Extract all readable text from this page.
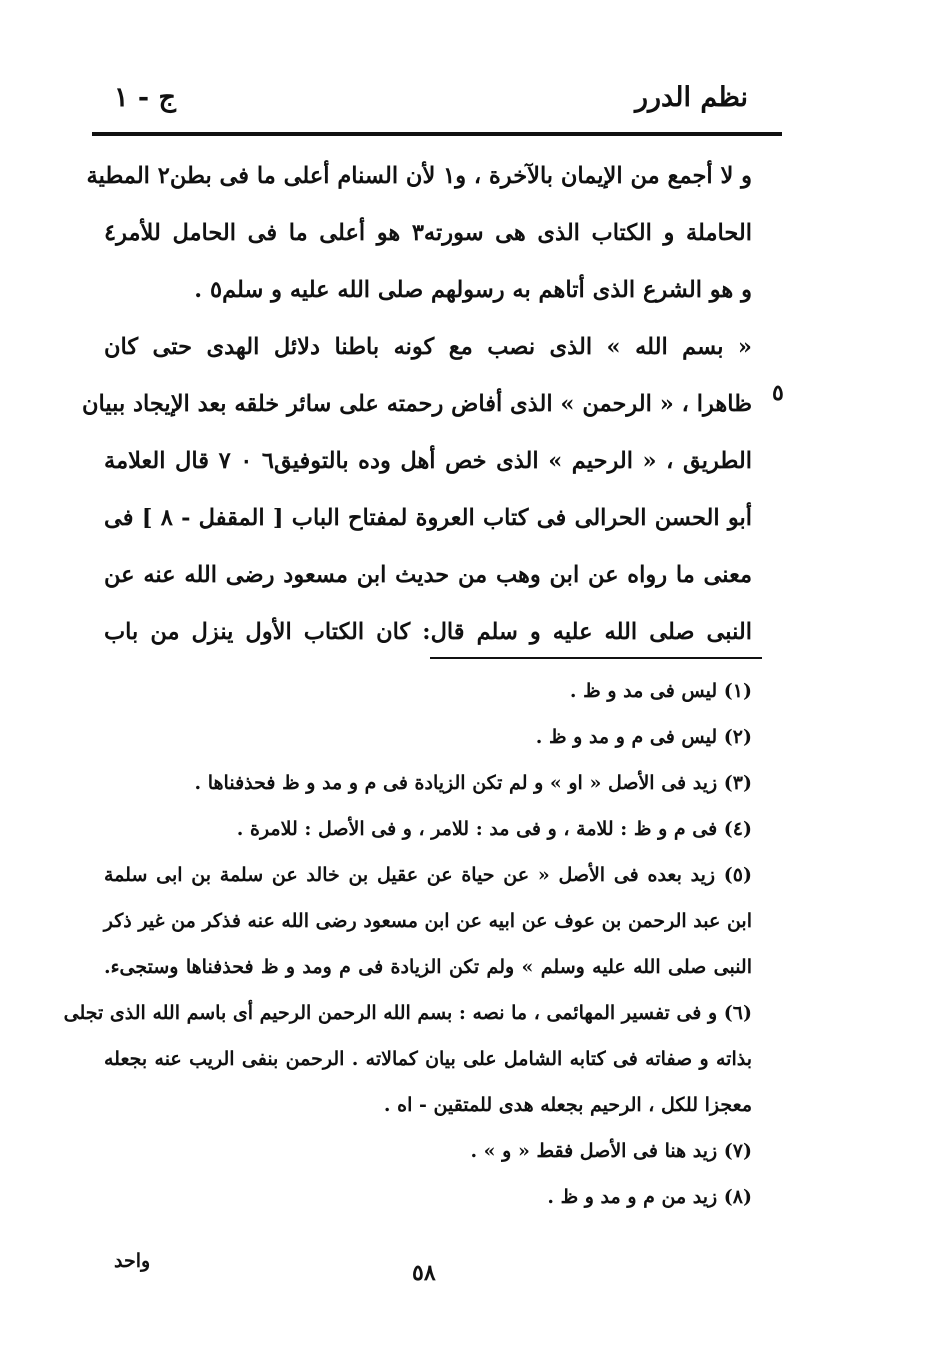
نظم الدرر
ج - ١
و لا أجمع من الإيمان بالآخرة ، و١ لأن السنام أعلى ما فى بطن٢ المطية
الحاملة و الكتاب الذى هى سورته٣ هو أعلى ما فى الحامل للأمر٤
و هو الشرع الذى أتاهم به رسولهم صلى الله عليه و سلم٥ .
« بسم الله » الذى نصب مع كونه باطنا دلائل الهدى حتى كان
ظاهرا ، « الرحمن » الذى أفاض رحمته على سائر خلقه بعد الإيجاد ببيان
الطريق ، « الرحيم » الذى خص أهل وده بالتوفيق٦ ٠ ٧ قال العلامة
أبو الحسن الحرالى فى كتاب العروة لمفتاح الباب [ المقفل - ٨ ] فى
معنى ما رواه عن ابن وهب من حديث ابن مسعود رضى الله عنه عن
النبى صلى الله عليه و سلم قال: كان الكتاب الأول ينزل من باب
٥
(١) ليس فى مد و ظ .
(٢) ليس فى م و مد و ظ .
(٣) زيد فى الأصل « او » و لم تكن الزيادة فى م و مد و ظ فحذفناها .
(٤) فى م و ظ : للامة ، و فى مد : للامر ، و فى الأصل : للامرة .
(٥) زيد بعده فى الأصل « عن حياة عن عقيل بن خالد عن سلمة بن ابى سلمة
ابن عبد الرحمن بن عوف عن ابيه عن ابن مسعود رضى الله عنه فذكر من غير ذكر
النبى صلى الله عليه وسلم » ولم تكن الزيادة فى م ومد و ظ فحذفناها وستجىء.
(٦) و فى تفسير المهائمى ، ما نصه : بسم الله الرحمن الرحيم أى باسم الله الذى تجلى
بذاته و صفاته فى كتابه الشامل على بيان كمالاته . الرحمن بنفى الريب عنه بجعله
معجزا للكل ، الرحيم بجعله هدى للمتقين - اه .
(٧) زيد هنا فى الأصل فقط « و » .
(٨) زيد من م و مد و ظ .
واحد	٥٨
